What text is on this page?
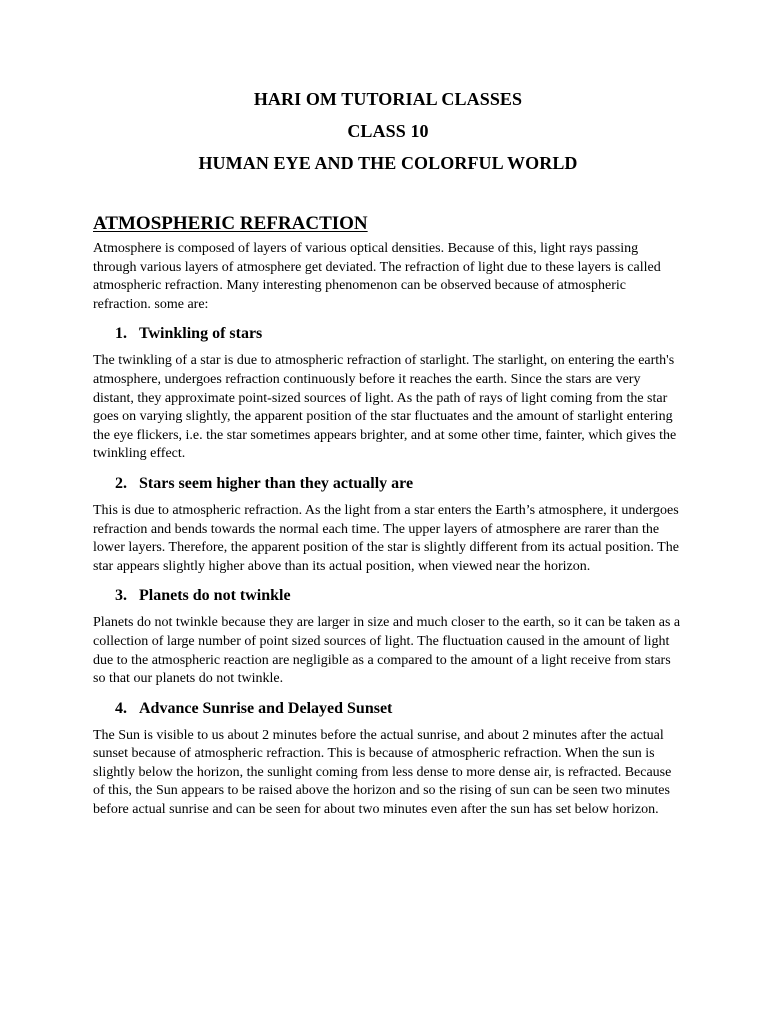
HARI OM TUTORIAL CLASSES
CLASS 10
HUMAN EYE AND THE COLORFUL WORLD
ATMOSPHERIC REFRACTION

Atmosphere is composed of layers of various optical densities. Because of this, light rays passing through various layers of atmosphere get deviated. The refraction of light due to these layers is called atmospheric refraction. Many interesting phenomenon can be observed because of atmospheric refraction. some are:

1. Twinkling of stars

The twinkling of a star is due to atmospheric refraction of starlight. The starlight, on entering the earth's atmosphere, undergoes refraction continuously before it reaches the earth. Since the stars are very distant, they approximate point-sized sources of light. As the path of rays of light coming from the star goes on varying slightly, the apparent position of the star fluctuates and the amount of starlight entering the eye flickers, i.e. the star sometimes appears brighter, and at some other time, fainter, which gives the twinkling effect.

2. Stars seem higher than they actually are

This is due to atmospheric refraction. As the light from a star enters the Earth’s atmosphere, it undergoes refraction and bends towards the normal each time. The upper layers of atmosphere are rarer than the lower layers. Therefore, the apparent position of the star is slightly different from its actual position. The star appears slightly higher above than its actual position, when viewed near the horizon.

3. Planets do not twinkle

Planets do not twinkle because they are larger in size and much closer to the earth, so it can be taken as a collection of large number of point sized sources of light. The fluctuation caused in the amount of light due to the atmospheric reaction are negligible as a compared to the amount of a light receive from stars so that our planets do not twinkle.

4. Advance Sunrise and Delayed Sunset

The Sun is visible to us about 2 minutes before the actual sunrise, and about 2 minutes after the actual sunset because of atmospheric refraction. This is because of atmospheric refraction. When the sun is slightly below the horizon, the sunlight coming from less dense to more dense air, is refracted. Because of this, the Sun appears to be raised above the horizon and so the rising of sun can be seen two minutes before actual sunrise and can be seen for about two minutes even after the sun has set below horizon.
